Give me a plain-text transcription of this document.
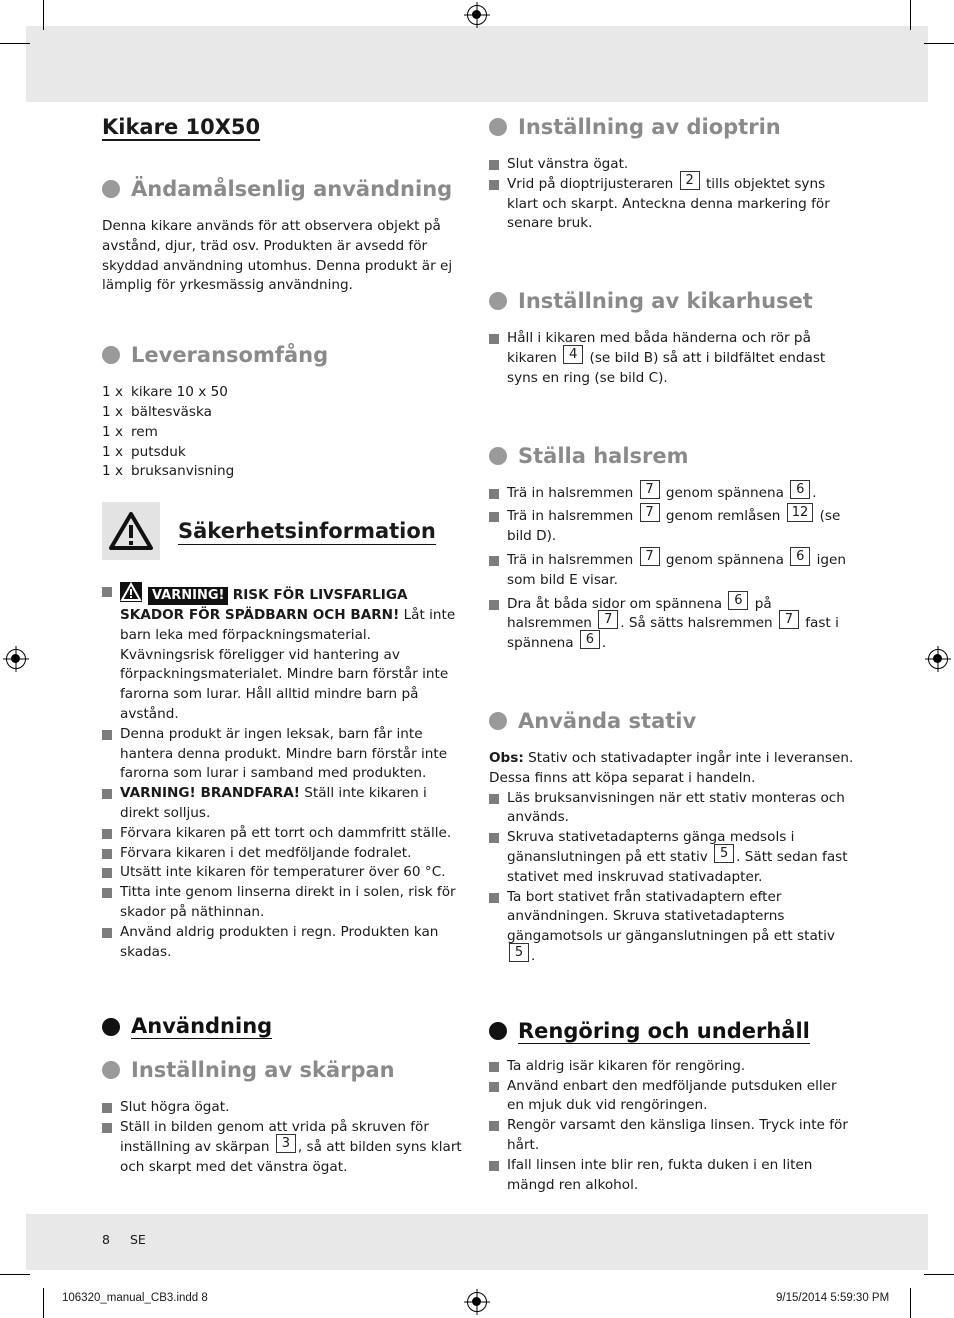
Kikare 10X50
Ändamålsenlig användning

Denna kikare används för att observera objekt på avstånd, djur, träd osv. Produkten är avsedd för skyddad användning utomhus. Denna produkt är ej lämplig för yrkesmässig användning.

Leveransomfång
1 x kikare 10 x 50
1 x bältesväska
1 x rem
1 x putsduk
1 x bruksanvisning
Säkerhetsinformation
VARNING! RISK FÖR LIVSFARLIGA SKADOR FÖR SPÄDBARN OCH BARN! Låt inte barn leka med förpackningsmaterial. Kvävningsrisk föreligger vid hantering av förpackningsmaterialet. Mindre barn förstår inte farorna som lurar. Håll alltid mindre barn på avstånd.
Denna produkt är ingen leksak, barn får inte hantera denna produkt. Mindre barn förstår inte farorna som lurar i samband med produkten.
VARNING! BRANDFARA! Ställ inte kikaren i direkt solljus.
Förvara kikaren på ett torrt och dammfritt ställe.
Förvara kikaren i det medföljande fodralet.
Utsätt inte kikaren för temperaturer över 60 °C.
Titta inte genom linserna direkt in i solen, risk för skador på näthinnan.
Använd aldrig produkten i regn. Produkten kan skadas.
Användning
Inställning av skärpan
Slut högra ögat.
Ställ in bilden genom att vrida på skruven för inställning av skärpan 3 , så att bilden syns klart och skarpt med det vänstra ögat.
Inställning av dioptrin
Slut vänstra ögat.
Vrid på dioptrijusteraren 2 tills objektet syns klart och skarpt. Anteckna denna markering för senare bruk.
Inställning av kikarhuset
Håll i kikaren med båda händerna och rör på kikaren 4 (se bild B) så att i bildfältet endast syns en ring (se bild C).
Ställa halsrem
Trä in halsremmen 7 genom spännena 6 .
Trä in halsremmen 7 genom remlåsen 12 (se bild D).
Trä in halsremmen 7 genom spännena 6 igen som bild E visar.
Dra åt båda sidor om spännena 6 på halsremmen 7 . Så sätts halsremmen 7 fast i spännena 6 .
Använda stativ

Obs: Stativ och stativadapter ingår inte i leveransen. Dessa finns att köpa separat i handeln.

Läs bruksanvisningen när ett stativ monteras och används.
Skruva stativetadapterns gänga medsols i gänanslutningen på ett stativ 5 . Sätt sedan fast stativet med inskruvad stativadapter.
Ta bort stativet från stativadaptern efter användningen. Skruva stativetadapterns gängamotsols ur gänganslutningen på ett stativ 5 .
Rengöring och underhåll
Ta aldrig isär kikaren för rengöring.
Använd enbart den medföljande putsduken eller en mjuk duk vid rengöringen.
Rengör varsamt den känsliga linsen. Tryck inte för hårt.
Ifall linsen inte blir ren, fukta duken i en liten mängd ren alkohol.
8 SE
106320_manual_CB3.indd 8	9/15/2014 5:59:30 PM
